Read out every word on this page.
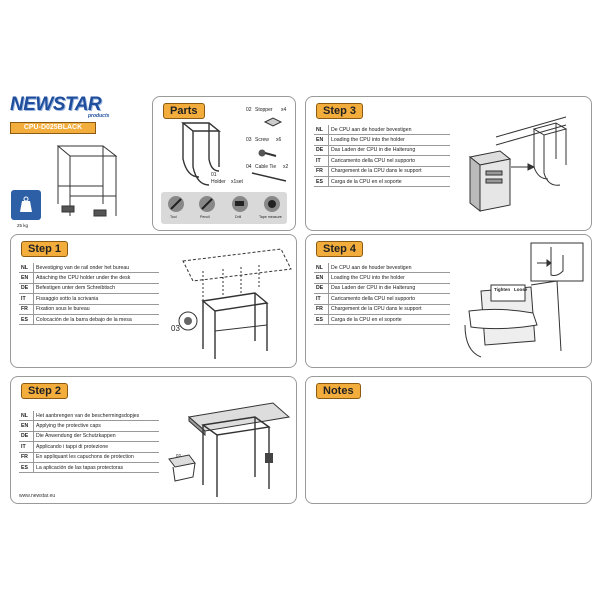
NEWSTAR
products
CPU-D025BLACK
25 kg
Parts
01
Holder x1set
02 Stopper x4
03 Screw x6
04 Cable Tie x2
Tool	Pencil	Drill	Tape measure
Step 3
NL	De CPU aan de houder bevestigen
EN	Loading the CPU into the holder
DE	Das Laden der CPU in die Halterung
IT	Caricamento della CPU nel supporto
FR	Chargement de la CPU dans le support
ES	Carga de la CPU en el soporte
Step 1
NL	Bevestiging van de rail onder het bureau
EN	Attaching the CPU holder under the desk
DE	Befestigen unter dem Schreibtisch
IT	Fissaggio sotto la scrivania
FR	Fixation sous le bureau
ES	Colocación de la barra debajo de la mesa
03
Step 4
NL	De CPU aan de houder bevestigen
EN	Loading the CPU into the holder
DE	Das Laden der CPU in die Halterung
IT	Caricamento della CPU nel supporto
FR	Chargement de la CPU dans le support
ES	Carga de la CPU en el soporte
Tighten Loose
Step 2
NL	Het aanbrengen van de beschermingsdopjes
EN	Applying the protective caps
DE	Die Anwendung der Schutzkappen
IT	Applicando i tappi di protezione
FR	En appliquant les capuchons de protection
ES	La aplicación de las tapas protectoras
02
www.newstar.eu
Notes
